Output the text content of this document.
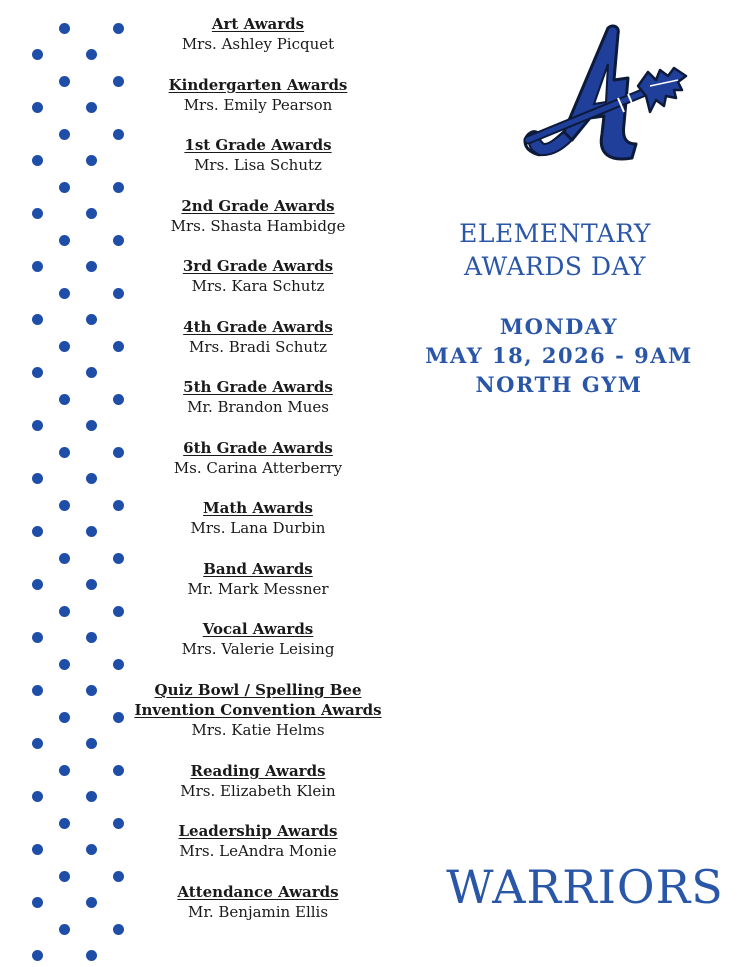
Art Awards
Mrs. Ashley Picquet
Kindergarten Awards
Mrs. Emily Pearson
1st Grade Awards
Mrs. Lisa Schutz
2nd Grade Awards
Mrs. Shasta Hambidge
3rd Grade Awards
Mrs. Kara Schutz
4th Grade Awards
Mrs. Bradi Schutz
5th Grade Awards
Mr. Brandon Mues
6th Grade Awards
Ms. Carina Atterberry
Math Awards
Mrs. Lana Durbin
Band Awards
Mr. Mark Messner
Vocal Awards
Mrs. Valerie Leising
Quiz Bowl / Spelling Bee
Invention Convention Awards
Mrs. Katie Helms
Reading Awards
Mrs. Elizabeth Klein
Leadership Awards
Mrs. LeAndra Monie
Attendance Awards
Mr. Benjamin Ellis
ELEMENTARY
AWARDS DAY
MONDAY
MAY 18, 2026 - 9AM
NORTH GYM
WARRIORS
